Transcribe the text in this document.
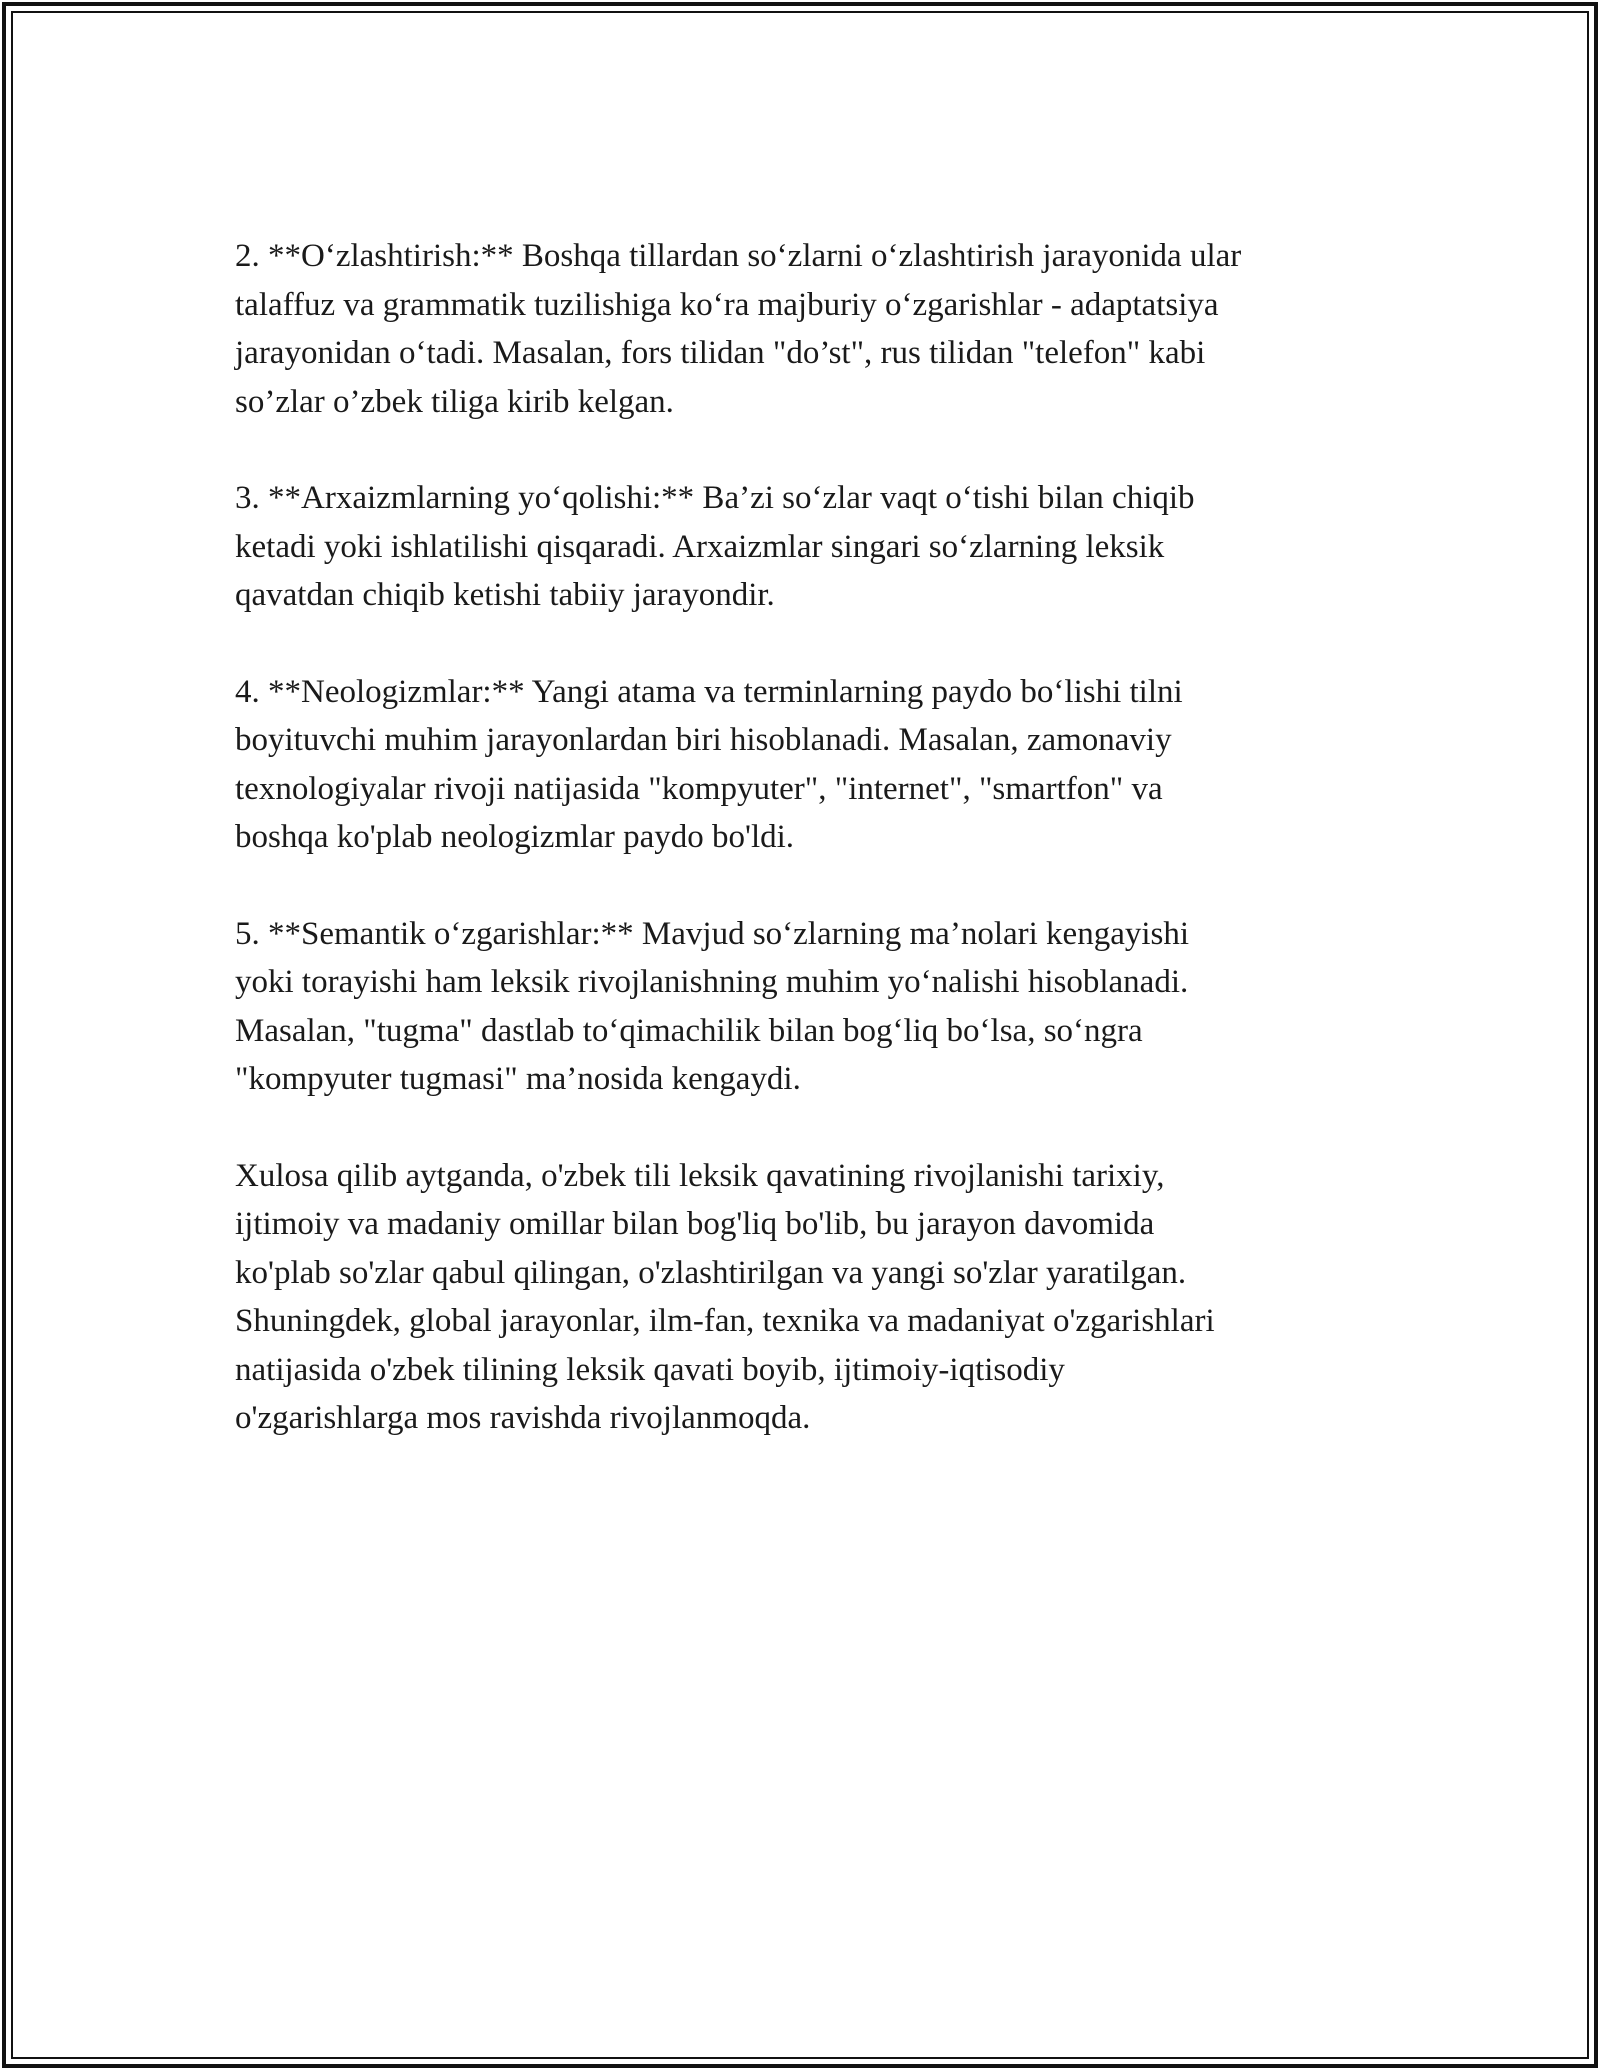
2. **O‘zlashtirish:** Boshqa tillardan so‘zlarni o‘zlashtirish jarayonida ular
talaffuz va grammatik tuzilishiga ko‘ra majburiy o‘zgarishlar - adaptatsiya
jarayonidan o‘tadi. Masalan, fors tilidan "do’st", rus tilidan "telefon" kabi
so’zlar o’zbek tiliga kirib kelgan.

3. **Arxaizmlarning yo‘qolishi:** Ba’zi so‘zlar vaqt o‘tishi bilan chiqib
ketadi yoki ishlatilishi qisqaradi. Arxaizmlar singari so‘zlarning leksik
qavatdan chiqib ketishi tabiiy jarayondir.

4. **Neologizmlar:** Yangi atama va terminlarning paydo bo‘lishi tilni
boyituvchi muhim jarayonlardan biri hisoblanadi. Masalan, zamonaviy
texnologiyalar rivoji natijasida "kompyuter", "internet", "smartfon" va
boshqa ko'plab neologizmlar paydo bo'ldi.

5. **Semantik o‘zgarishlar:** Mavjud so‘zlarning ma’nolari kengayishi
yoki torayishi ham leksik rivojlanishning muhim yo‘nalishi hisoblanadi.
Masalan, "tugma" dastlab to‘qimachilik bilan bog‘liq bo‘lsa, so‘ngra
"kompyuter tugmasi" ma’nosida kengaydi.

Xulosa qilib aytganda, o'zbek tili leksik qavatining rivojlanishi tarixiy,
ijtimoiy va madaniy omillar bilan bog'liq bo'lib, bu jarayon davomida
ko'plab so'zlar qabul qilingan, o'zlashtirilgan va yangi so'zlar yaratilgan.
Shuningdek, global jarayonlar, ilm-fan, texnika va madaniyat o'zgarishlari
natijasida o'zbek tilining leksik qavati boyib, ijtimoiy-iqtisodiy
o'zgarishlarga mos ravishda rivojlanmoqda.
